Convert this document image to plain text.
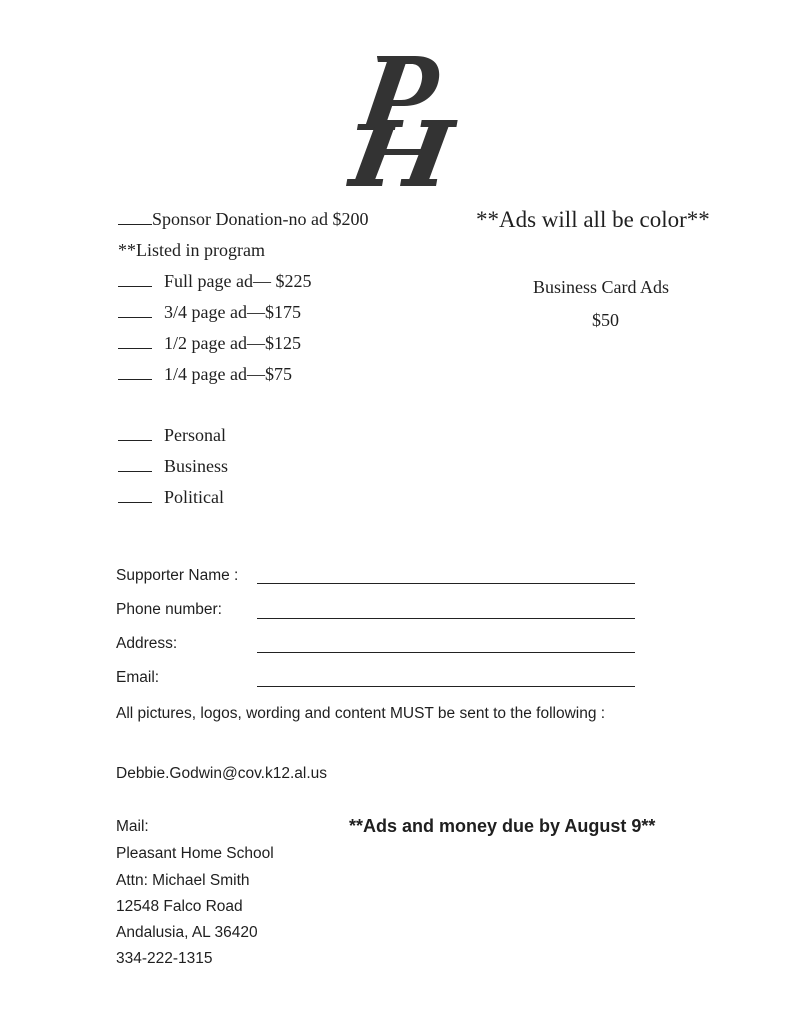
Sponsor Donation-no ad $200
**Listed in program
Full page ad— $225
3/4 page ad—$175
1/2 page ad—$125
1/4 page ad—$75
Personal
Business
Political
**Ads will all be color**
Business Card Ads
$50
Supporter Name :
Phone number:
Address:
Email:
All pictures, logos, wording and content MUST be sent to the following :
Debbie.Godwin@cov.k12.al.us
Mail:
Pleasant Home School
Attn: Michael Smith
12548 Falco Road
Andalusia, AL 36420
334-222-1315
**Ads and money due by August 9**
